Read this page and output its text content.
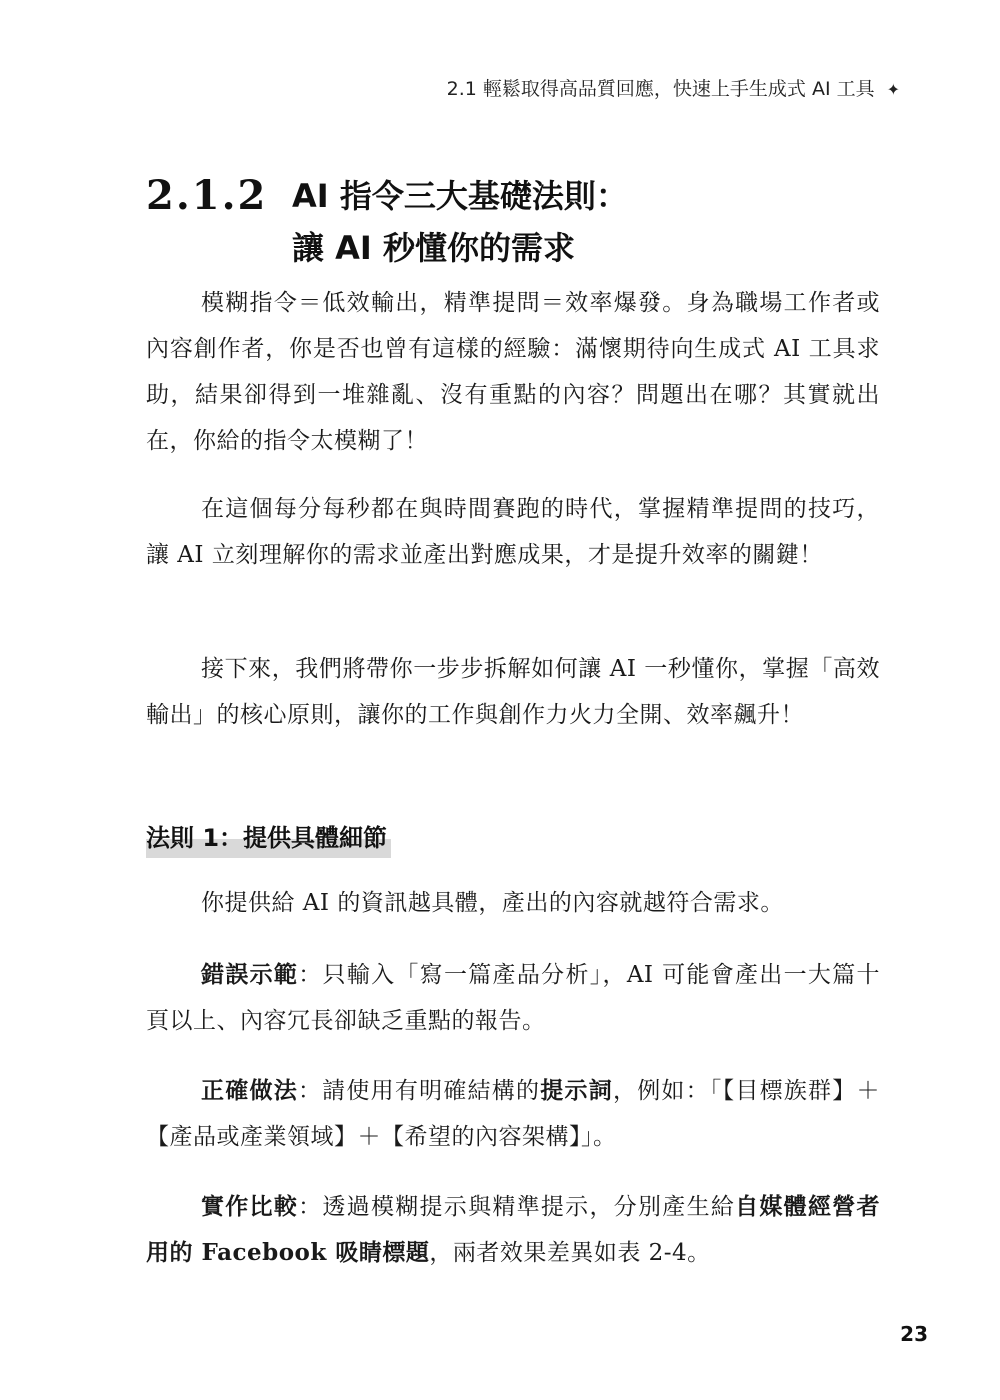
2.1 輕鬆取得高品質回應，快速上手生成式 AI 工具 ✦
2.1.2 AI 指令三大基礎法則：
讓 AI 秒懂你的需求

模糊指令＝低效輸出，精準提問＝效率爆發。身為職場工作者或內容創作者，你是否也曾有這樣的經驗：滿懷期待向生成式 AI 工具求助，結果卻得到一堆雜亂、沒有重點的內容？問題出在哪？其實就出在，你給的指令太模糊了！

在這個每分每秒都在與時間賽跑的時代，掌握精準提問的技巧，讓 AI 立刻理解你的需求並產出對應成果，才是提升效率的關鍵！

接下來，我們將帶你一步步拆解如何讓 AI 一秒懂你，掌握「高效輸出」的核心原則，讓你的工作與創作力火力全開、效率飆升！

法則 1：提供具體細節

你提供給 AI 的資訊越具體，產出的內容就越符合需求。

錯誤示範：只輸入「寫一篇產品分析」，AI 可能會產出一大篇十頁以上、內容冗長卻缺乏重點的報告。

正確做法：請使用有明確結構的提示詞，例如：「【目標族群】＋【產品或產業領域】＋【希望的內容架構】」。

實作比較：透過模糊提示與精準提示，分別產生給自媒體經營者用的 Facebook 吸睛標題，兩者效果差異如表 2-4。

23
